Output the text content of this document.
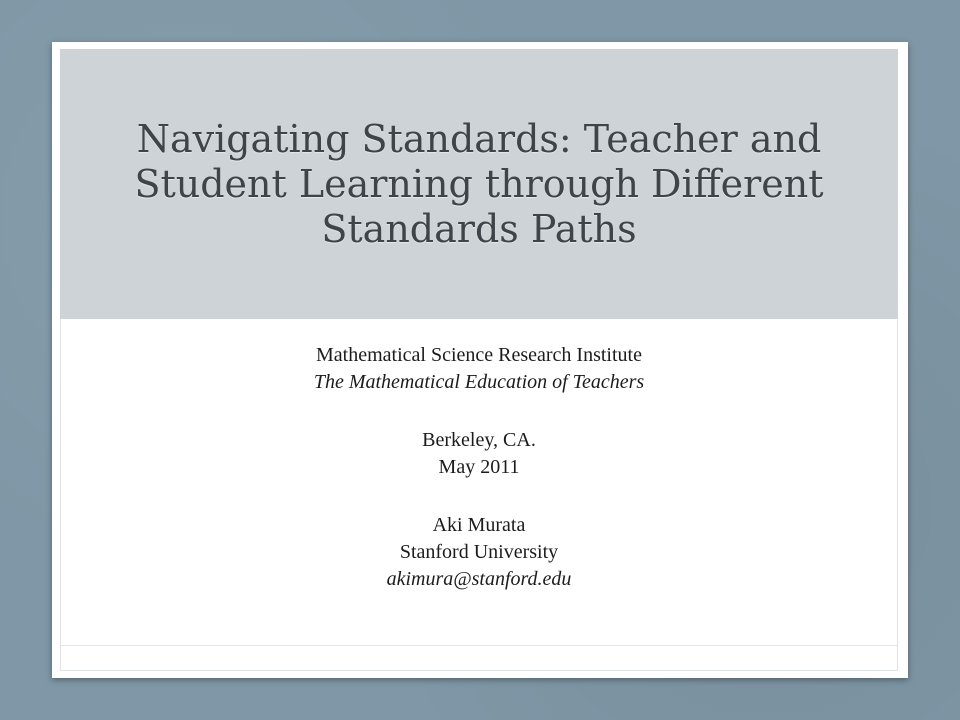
Navigating Standards: Teacher and Student Learning through Different Standards Paths
Mathematical Science Research Institute
The Mathematical Education of Teachers
Berkeley, CA.
May 2011
Aki Murata
Stanford University
akimura@stanford.edu
